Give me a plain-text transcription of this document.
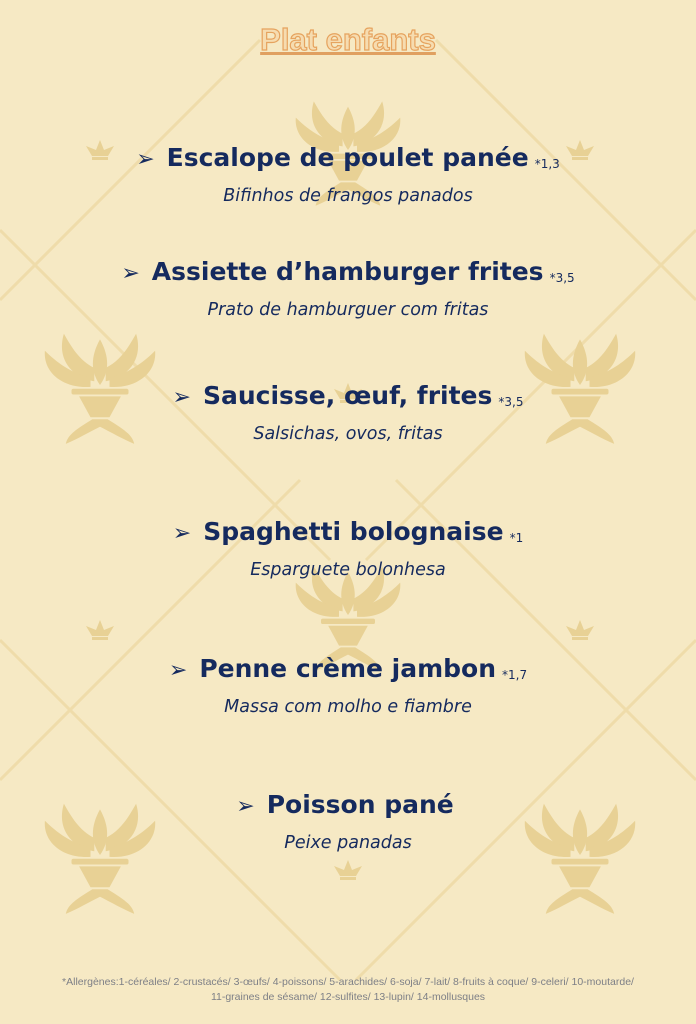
Plat enfants
➢ Escalope de poulet panée *1,3
Bifinhos de frangos panados
➢ Assiette d’hamburger frites *3,5
Prato de hamburguer com fritas
➢ Saucisse, œuf, frites *3,5
Salsichas, ovos, fritas
➢ Spaghetti bolognaise *1
Esparguete bolonhesa
➢ Penne crème jambon *1,7
Massa com molho e fiambre
➢ Poisson pané
Peixe panadas
*Allergènes:1-céréales/ 2-crustacés/ 3-œufs/ 4-poissons/ 5-arachides/ 6-soja/ 7-lait/ 8-fruits à coque/ 9-celeri/ 10-moutarde/
11-graines de sésame/ 12-sulfites/ 13-lupin/ 14-mollusques
